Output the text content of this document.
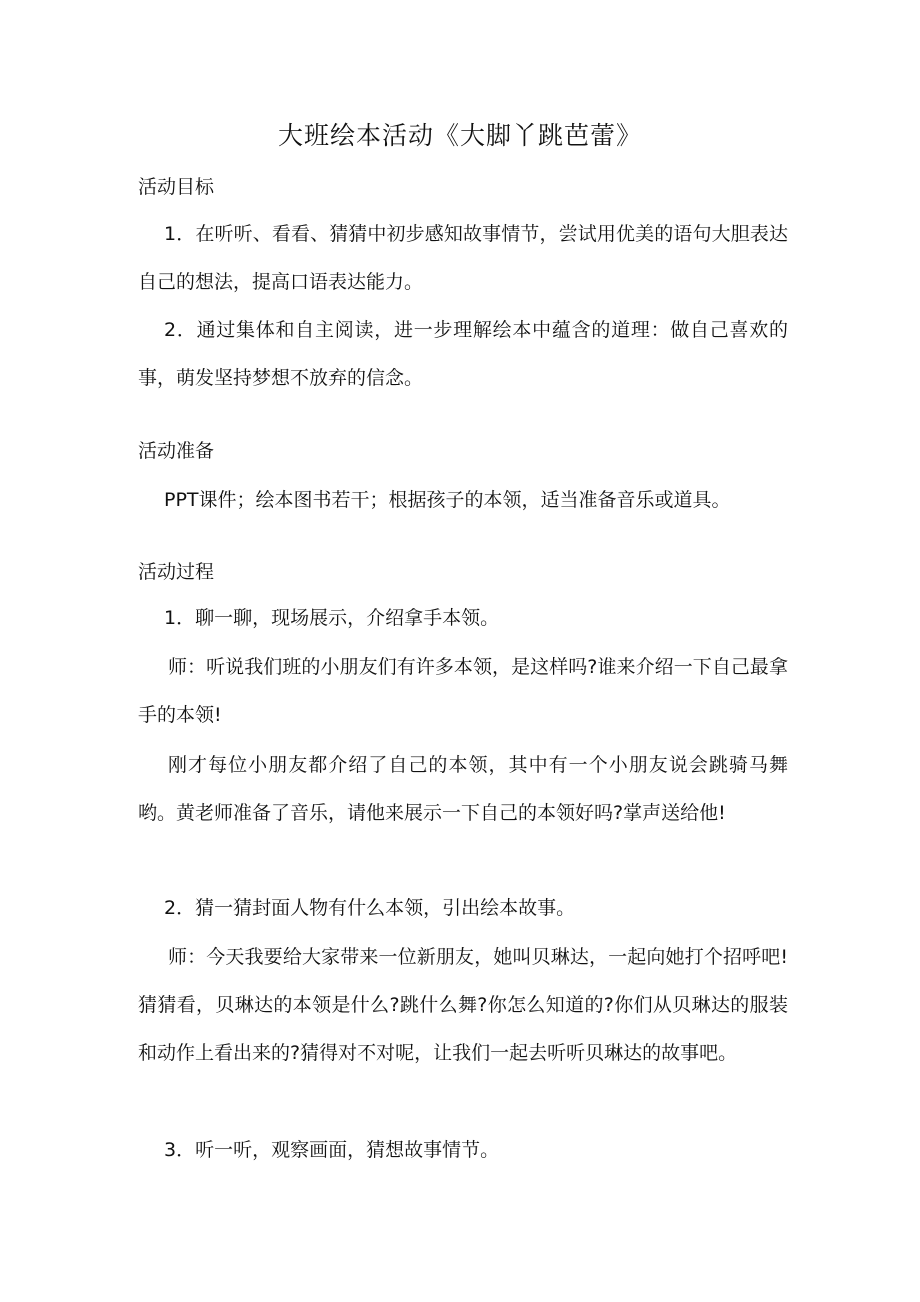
大班绘本活动《大脚丫跳芭蕾》
活动目标
1．在听听、看看、猜猜中初步感知故事情节，尝试用优美的语句大胆表达自己的想法，提高口语表达能力。
2．通过集体和自主阅读，进一步理解绘本中蕴含的道理：做自己喜欢的事，萌发坚持梦想不放弃的信念。
活动准备
PPT课件；绘本图书若干；根据孩子的本领，适当准备音乐或道具。
活动过程
1．聊一聊，现场展示，介绍拿手本领。
师：听说我们班的小朋友们有许多本领，是这样吗?谁来介绍一下自己最拿手的本领!
刚才每位小朋友都介绍了自己的本领，其中有一个小朋友说会跳骑马舞哟。黄老师准备了音乐，请他来展示一下自己的本领好吗?掌声送给他!
2．猜一猜封面人物有什么本领，引出绘本故事。
师：今天我要给大家带来一位新朋友，她叫贝琳达，一起向她打个招呼吧!猜猜看，贝琳达的本领是什么?跳什么舞?你怎么知道的?你们从贝琳达的服装和动作上看出来的?猜得对不对呢，让我们一起去听听贝琳达的故事吧。
3．听一听，观察画面，猜想故事情节。
